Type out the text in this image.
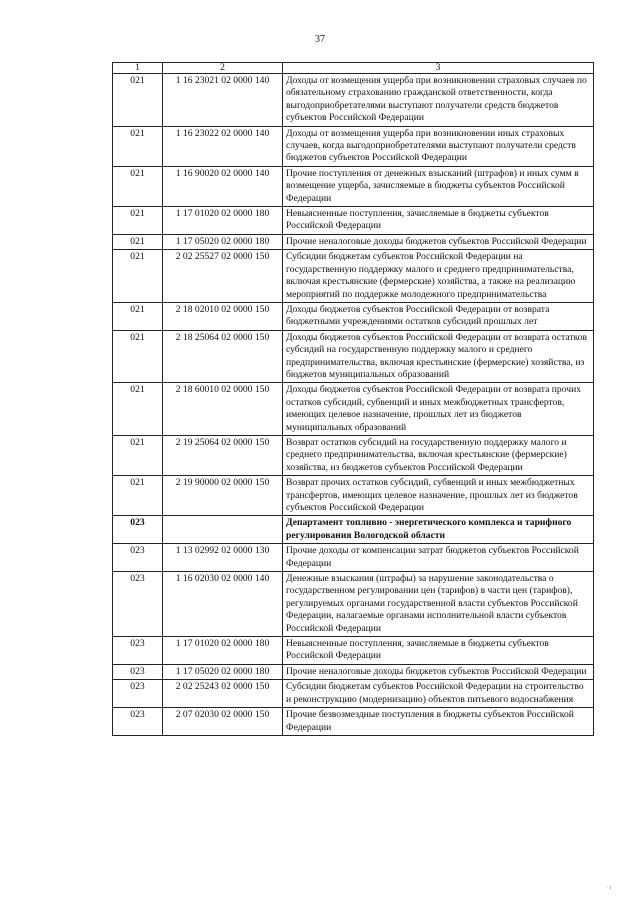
37
1	2	3
021	1 16 23021 02 0000 140	Доходы от возмещения ущерба при возникновении страховых случаев по обязательному страхованию гражданской ответственности, когда выгодоприобретателями выступают получатели средств бюджетов субъектов Российской Федерации
021	1 16 23022 02 0000 140	Доходы от возмещения ущерба при возникновении иных страховых случаев, когда выгодоприобретателями выступают получатели средств бюджетов субъектов Российской Федерации
021	1 16 90020 02 0000 140	Прочие поступления от денежных взысканий (штрафов) и иных сумм в возмещение ущерба, зачисляемые в бюджеты субъектов Российской Федерации
021	1 17 01020 02 0000 180	Невыясненные поступления, зачисляемые в бюджеты субъектов Российской Федерации
021	1 17 05020 02 0000 180	Прочие неналоговые доходы бюджетов субъектов Российской Федерации
021	2 02 25527 02 0000 150	Субсидии бюджетам субъектов Российской Федерации на государственную поддержку малого и среднего предпринимательства, включая крестьянские (фермерские) хозяйства, а также на реализацию мероприятий по поддержке молодежного предпринимательства
021	2 18 02010 02 0000 150	Доходы бюджетов субъектов Российской Федерации от возврата бюджетными учреждениями остатков субсидий прошлых лет
021	2 18 25064 02 0000 150	Доходы бюджетов субъектов Российской Федерации от возврата остатков субсидий на государственную поддержку малого и среднего предпринимательства, включая крестьянские (фермерские) хозяйства, из бюджетов муниципальных образований
021	2 18 60010 02 0000 150	Доходы бюджетов субъектов Российской Федерации от возврата прочих остатков субсидий, субвенций и иных межбюджетных трансфертов, имеющих целевое назначение, прошлых лет из бюджетов муниципальных образований
021	2 19 25064 02 0000 150	Возврат остатков субсидий на государственную поддержку малого и среднего предпринимательства, включая крестьянские (фермерские) хозяйства, из бюджетов субъектов Российской Федерации
021	2 19 90000 02 0000 150	Возврат прочих остатков субсидий, субвенций и иных межбюджетных трансфертов, имеющих целевое назначение, прошлых лет из бюджетов субъектов Российской Федерации
023		Департамент топливно - энергетического комплекса и тарифного регулирования Вологодской области
023	1 13 02992 02 0000 130	Прочие доходы от компенсации затрат бюджетов субъектов Российской Федерации
023	1 16 02030 02 0000 140	Денежные взыскания (штрафы) за нарушение законодательства о государственном регулировании цен (тарифов) в части цен (тарифов), регулируемых органами государственной власти субъектов Российской Федерации, налагаемые органами исполнительной власти субъектов Российской Федерации
023	1 17 01020 02 0000 180	Невыясненные поступления, зачисляемые в бюджеты субъектов Российской Федерации
023	1 17 05020 02 0000 180	Прочие неналоговые доходы бюджетов субъектов Российской Федерации
023	2 02 25243 02 0000 150	Субсидии бюджетам субъектов Российской Федерации на строительство и реконструкцию (модернизацию) объектов питьевого водоснабжения
023	2 07 02030 02 0000 150	Прочие безвозмездные поступления в бюджеты субъектов Российской Федерации
· ı
